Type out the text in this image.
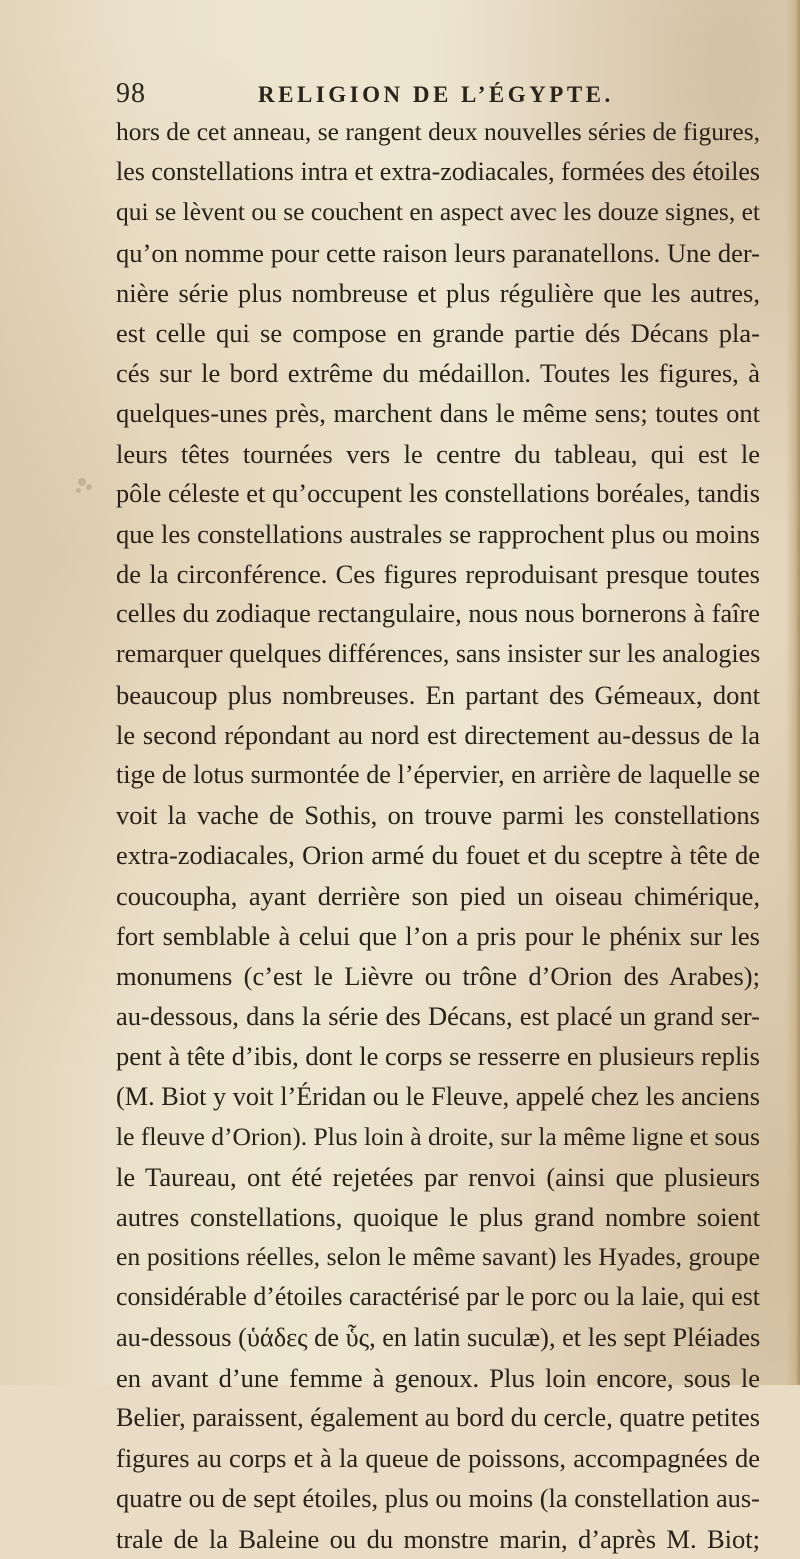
98	RELIGION DE L’ÉGYPTE.
hors de cet anneau, se rangent deux nouvelles séries de figures,
les constellations intra et extra-zodiacales, formées des étoiles
qui se lèvent ou se couchent en aspect avec les douze signes, et
qu’on nomme pour cette raison leurs paranatellons. Une der-
nière série plus nombreuse et plus régulière que les autres,
est celle qui se compose en grande partie dés Décans pla-
cés sur le bord extrême du médaillon. Toutes les figures, à
quelques-unes près, marchent dans le même sens; toutes ont
leurs têtes tournées vers le centre du tableau, qui est le
pôle céleste et qu’occupent les constellations boréales, tandis
que les constellations australes se rapprochent plus ou moins
de la circonférence. Ces figures reproduisant presque toutes
celles du zodiaque rectangulaire, nous nous bornerons à faîre
remarquer quelques différences, sans insister sur les analogies
beaucoup plus nombreuses. En partant des Gémeaux, dont
le second répondant au nord est directement au-dessus de la
tige de lotus surmontée de l’épervier, en arrière de laquelle se
voit la vache de Sothis, on trouve parmi les constellations
extra-zodiacales, Orion armé du fouet et du sceptre à tête de
coucoupha, ayant derrière son pied un oiseau chimérique,
fort semblable à celui que l’on a pris pour le phénix sur les
monumens (c’est le Lièvre ou trône d’Orion des Arabes);
au-dessous, dans la série des Décans, est placé un grand ser-
pent à tête d’ibis, dont le corps se resserre en plusieurs replis
(M. Biot y voit l’Éridan ou le Fleuve, appelé chez les anciens
le fleuve d’Orion). Plus loin à droite, sur la même ligne et sous
le Taureau, ont été rejetées par renvoi (ainsi que plusieurs
autres constellations, quoique le plus grand nombre soient
en positions réelles, selon le même savant) les Hyades, groupe
considérable d’étoiles caractérisé par le porc ou la laie, qui est
au-dessous (ὑάδες de ὗς, en latin suculæ), et les sept Pléiades
en avant d’une femme à genoux. Plus loin encore, sous le
Belier, paraissent, également au bord du cercle, quatre petites
figures au corps et à la queue de poissons, accompagnées de
quatre ou de sept étoiles, plus ou moins (la constellation aus-
trale de la Baleine ou du monstre marin, d’après M. Biot;
